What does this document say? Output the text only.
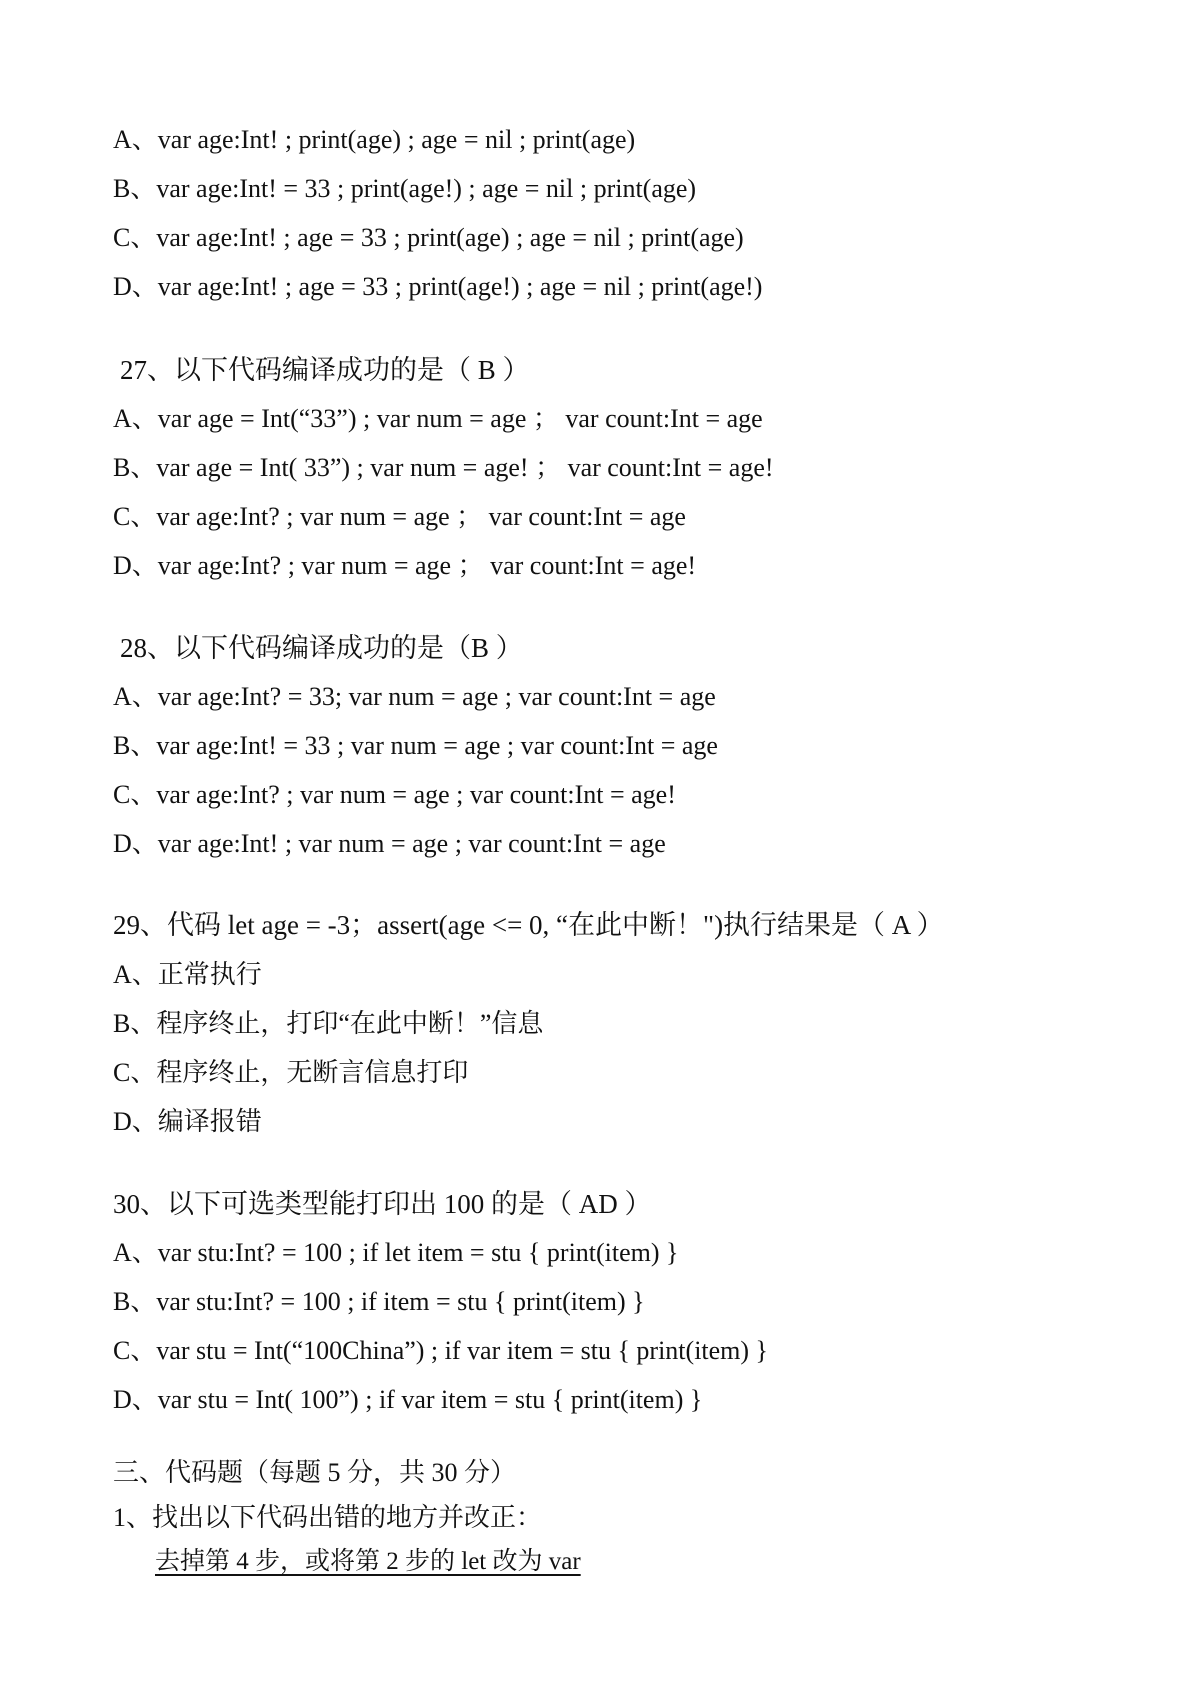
A、var age:Int! ; print(age) ; age = nil ; print(age)
B、var age:Int! = 33 ; print(age!) ; age = nil ; print(age)
C、var age:Int! ; age = 33 ; print(age) ; age = nil ; print(age)
D、var age:Int! ; age = 33 ; print(age!) ; age = nil ; print(age!)
27、以下代码编译成功的是（ B ）
A、var age = Int(“33”) ; var num = age ； var count:Int = age
B、var age = Int( 33”) ; var num = age! ； var count:Int = age!
C、var age:Int? ; var num = age ； var count:Int = age
D、var age:Int? ; var num = age ； var count:Int = age!
28、以下代码编译成功的是（B ）
A、var age:Int? = 33; var num = age ; var count:Int = age
B、var age:Int! = 33 ; var num = age ; var count:Int = age
C、var age:Int? ; var num = age ; var count:Int = age!
D、var age:Int! ; var num = age ; var count:Int = age
29、代码 let age = -3；assert(age <= 0, “在此中断！")执行结果是（ A ）
A、正常执行
B、程序终止，打印“在此中断！”信息
C、程序终止，无断言信息打印
D、编译报错
30、以下可选类型能打印出 100 的是（ AD ）
A、var stu:Int? = 100 ; if let item = stu { print(item) }
B、var stu:Int? = 100 ; if item = stu { print(item) }
C、var stu = Int(“100China”) ; if var item = stu { print(item) }
D、var stu = Int( 100”) ; if var item = stu { print(item) }
三、代码题（每题 5 分，共 30 分）
1、找出以下代码出错的地方并改正：
去掉第 4 步，或将第 2 步的 let 改为 var
